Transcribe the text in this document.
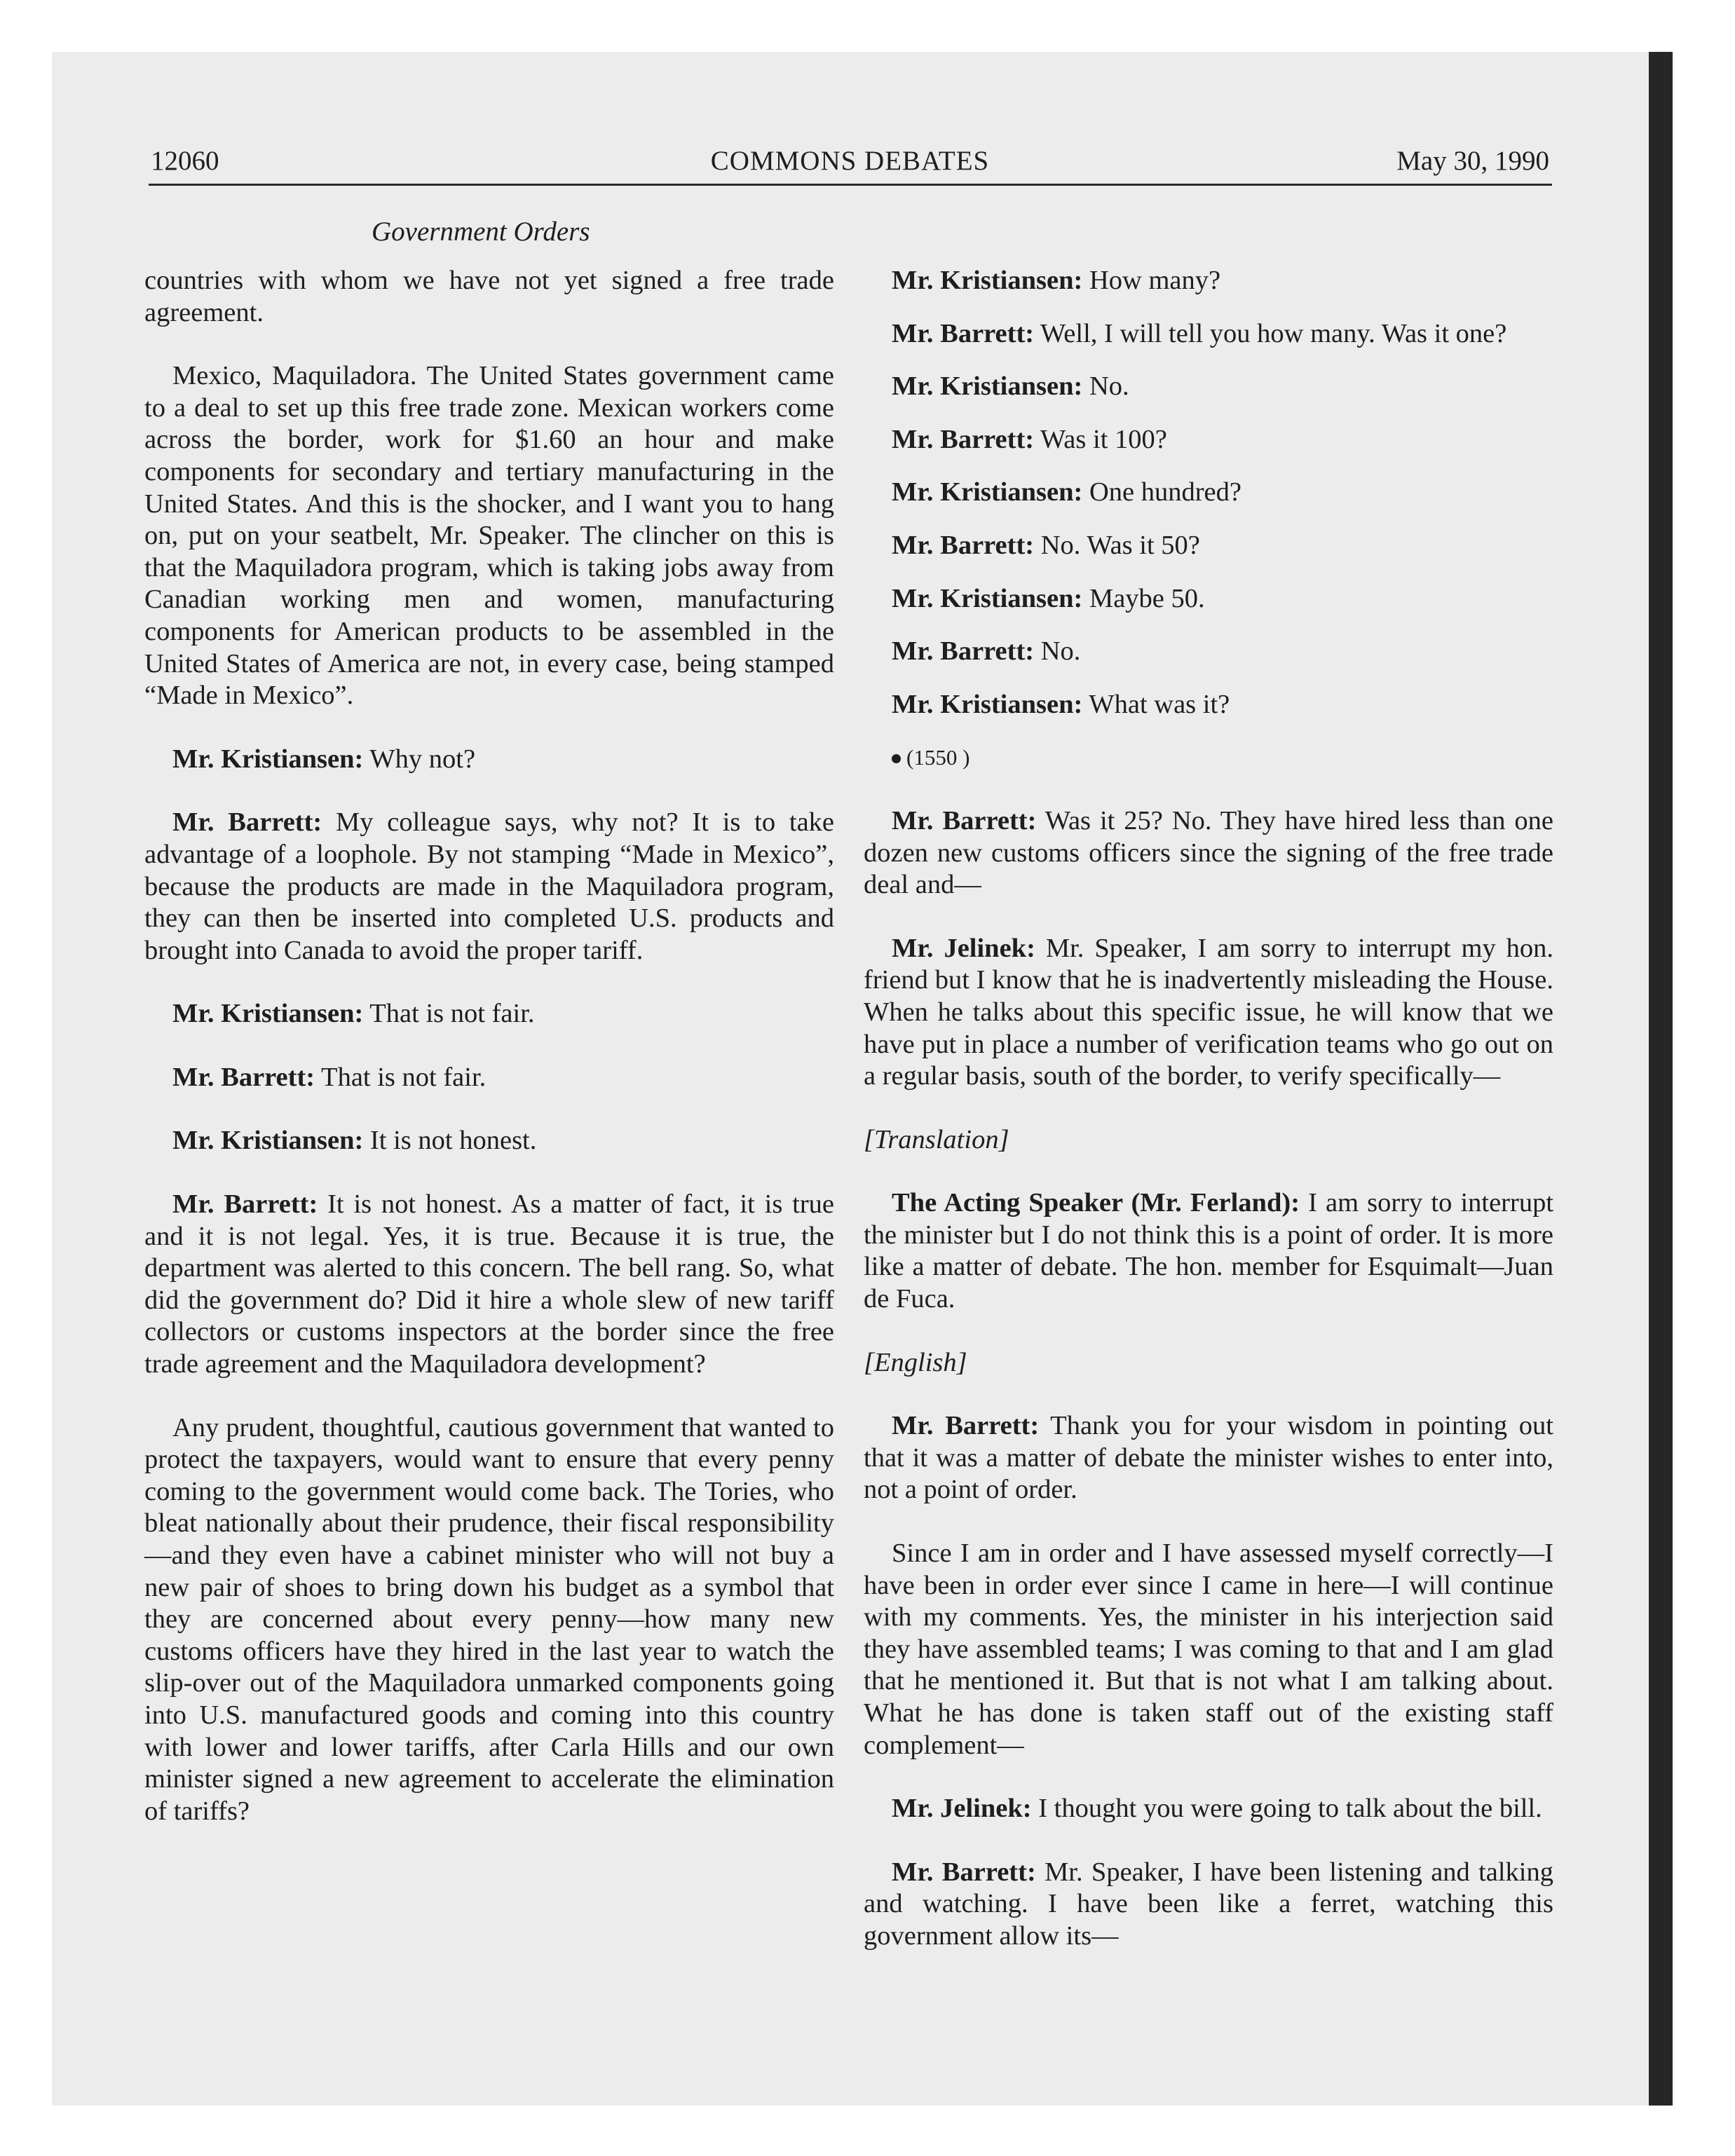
12060	COMMONS DEBATES	May 30, 1990
Government Orders

countries with whom we have not yet signed a free trade agreement.

Mexico, Maquiladora. The United States government came to a deal to set up this free trade zone. Mexican workers come across the border, work for $1.60 an hour and make components for secondary and tertiary manufacturing in the United States. And this is the shocker, and I want you to hang on, put on your seatbelt, Mr. Speaker. The clincher on this is that the Maquiladora program, which is taking jobs away from Canadian working men and women, manufacturing components for American products to be assembled in the United States of America are not, in every case, being stamped “Made in Mexico”.

Mr. Kristiansen: Why not?

Mr. Barrett: My colleague says, why not? It is to take advantage of a loophole. By not stamping “Made in Mexico”, because the products are made in the Maquiladora program, they can then be inserted into completed U.S. products and brought into Canada to avoid the proper tariff.

Mr. Kristiansen: That is not fair.

Mr. Barrett: That is not fair.

Mr. Kristiansen: It is not honest.

Mr. Barrett: It is not honest. As a matter of fact, it is true and it is not legal. Yes, it is true. Because it is true, the department was alerted to this concern. The bell rang. So, what did the government do? Did it hire a whole slew of new tariff collectors or customs inspectors at the border since the free trade agreement and the Maquiladora development?

Any prudent, thoughtful, cautious government that wanted to protect the taxpayers, would want to ensure that every penny coming to the government would come back. The Tories, who bleat nationally about their prudence, their fiscal responsibility—and they even have a cabinet minister who will not buy a new pair of shoes to bring down his budget as a symbol that they are concerned about every penny—how many new customs officers have they hired in the last year to watch the slip-over out of the Maquiladora unmarked components going into U.S. manufactured goods and coming into this country with lower and lower tariffs, after Carla Hills and our own minister signed a new agreement to accelerate the elimination of tariffs?

Mr. Kristiansen: How many?

Mr. Barrett: Well, I will tell you how many. Was it one?

Mr. Kristiansen: No.

Mr. Barrett: Was it 100?

Mr. Kristiansen: One hundred?

Mr. Barrett: No. Was it 50?

Mr. Kristiansen: Maybe 50.

Mr. Barrett: No.

Mr. Kristiansen: What was it?

(1550 )

Mr. Barrett: Was it 25? No. They have hired less than one dozen new customs officers since the signing of the free trade deal and—

Mr. Jelinek: Mr. Speaker, I am sorry to interrupt my hon. friend but I know that he is inadvertently misleading the House. When he talks about this specific issue, he will know that we have put in place a number of verification teams who go out on a regular basis, south of the border, to verify specifically—

[Translation]

The Acting Speaker (Mr. Ferland): I am sorry to interrupt the minister but I do not think this is a point of order. It is more like a matter of debate. The hon. member for Esquimalt—Juan de Fuca.

[English]

Mr. Barrett: Thank you for your wisdom in pointing out that it was a matter of debate the minister wishes to enter into, not a point of order.

Since I am in order and I have assessed myself correctly—I have been in order ever since I came in here—I will continue with my comments. Yes, the minister in his interjection said they have assembled teams; I was coming to that and I am glad that he mentioned it. But that is not what I am talking about. What he has done is taken staff out of the existing staff complement—

Mr. Jelinek: I thought you were going to talk about the bill.

Mr. Barrett: Mr. Speaker, I have been listening and talking and watching. I have been like a ferret, watching this government allow its—
